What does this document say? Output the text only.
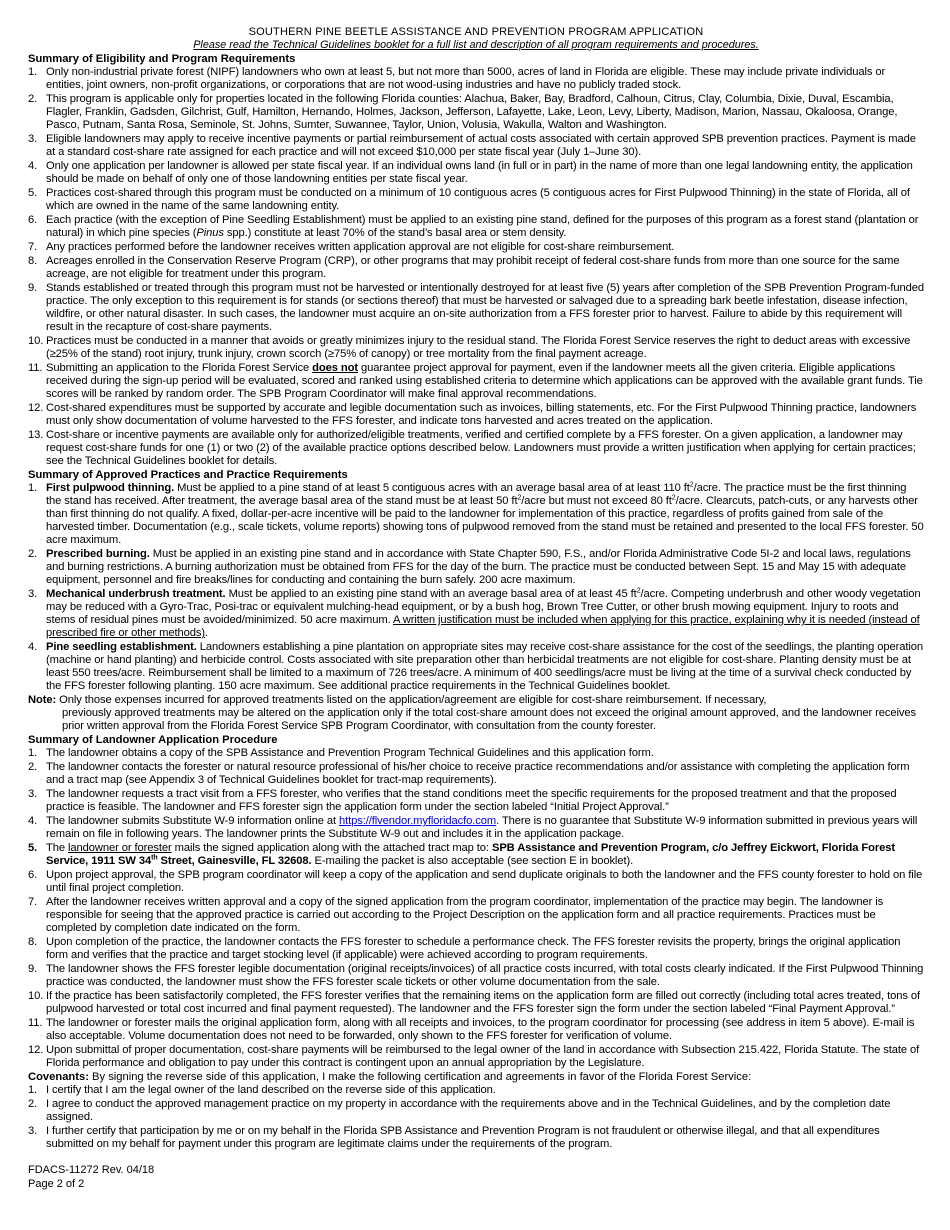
SOUTHERN PINE BEETLE ASSISTANCE AND PREVENTION PROGRAM APPLICATION
Please read the Technical Guidelines booklet for a full list and description of all program requirements and procedures.
Summary of Eligibility and Program Requirements
1. Only non-industrial private forest (NIPF) landowners who own at least 5, but not more than 5000, acres of land in Florida are eligible. These may include private individuals or entities, joint owners, non-profit organizations, or corporations that are not wood-using industries and have no publicly traded stock.
2. This program is applicable only for properties located in the following Florida counties: Alachua, Baker, Bay, Bradford, Calhoun, Citrus, Clay, Columbia, Dixie, Duval, Escambia, Flagler, Franklin, Gadsden, Gilchrist, Gulf, Hamilton, Hernando, Holmes, Jackson, Jefferson, Lafayette, Lake, Leon, Levy, Liberty, Madison, Marion, Nassau, Okaloosa, Orange, Pasco, Putnam, Santa Rosa, Seminole, St. Johns, Sumter, Suwannee, Taylor, Union, Volusia, Wakulla, Walton and Washington.
3. Eligible landowners may apply to receive incentive payments or partial reimbursement of actual costs associated with certain approved SPB prevention practices. Payment is made at a standard cost-share rate assigned for each practice and will not exceed $10,000 per state fiscal year (July 1–June 30).
4. Only one application per landowner is allowed per state fiscal year. If an individual owns land (in full or in part) in the name of more than one legal landowning entity, the application should be made on behalf of only one of those landowning entities per state fiscal year.
5. Practices cost-shared through this program must be conducted on a minimum of 10 contiguous acres (5 contiguous acres for First Pulpwood Thinning) in the state of Florida, all of which are owned in the name of the same landowning entity.
6. Each practice (with the exception of Pine Seedling Establishment) must be applied to an existing pine stand, defined for the purposes of this program as a forest stand (plantation or natural) in which pine species (Pinus spp.) constitute at least 70% of the stand’s basal area or stem density.
7. Any practices performed before the landowner receives written application approval are not eligible for cost-share reimbursement.
8. Acreages enrolled in the Conservation Reserve Program (CRP), or other programs that may prohibit receipt of federal cost-share funds from more than one source for the same acreage, are not eligible for treatment under this program.
9. Stands established or treated through this program must not be harvested or intentionally destroyed for at least five (5) years after completion of the SPB Prevention Program-funded practice. The only exception to this requirement is for stands (or sections thereof) that must be harvested or salvaged due to a spreading bark beetle infestation, disease infection, wildfire, or other natural disaster. In such cases, the landowner must acquire an on-site authorization from a FFS forester prior to harvest. Failure to abide by this requirement will result in the recapture of cost-share payments.
10. Practices must be conducted in a manner that avoids or greatly minimizes injury to the residual stand. The Florida Forest Service reserves the right to deduct areas with excessive (≥25% of the stand) root injury, trunk injury, crown scorch (≥75% of canopy) or tree mortality from the final payment acreage.
11. Submitting an application to the Florida Forest Service does not guarantee project approval for payment, even if the landowner meets all the given criteria. Eligible applications received during the sign-up period will be evaluated, scored and ranked using established criteria to determine which applications can be approved with the available grant funds. Tie scores will be ranked by random order. The SPB Program Coordinator will make final approval recommendations.
12. Cost-shared expenditures must be supported by accurate and legible documentation such as invoices, billing statements, etc. For the First Pulpwood Thinning practice, landowners must only show documentation of volume harvested to the FFS forester, and indicate tons harvested and acres treated on the application.
13. Cost-share or incentive payments are available only for authorized/eligible treatments, verified and certified complete by a FFS forester. On a given application, a landowner may request cost-share funds for one (1) or two (2) of the available practice options described below. Landowners must provide a written justification when applying for certain practices; see the Technical Guidelines booklet for details.
Summary of Approved Practices and Practice Requirements
1. First pulpwood thinning. Must be applied to a pine stand of at least 5 contiguous acres with an average basal area of at least 110 $ft^2$/acre. The practice must be the first thinning the stand has received. After treatment, the average basal area of the stand must be at least 50 $ft^2$/acre but must not exceed 80 $ft^2$/acre. Clearcuts, patch-cuts, or any harvests other than first thinning do not qualify. A fixed, dollar-per-acre incentive will be paid to the landowner for implementation of this practice, regardless of profits gained from sale of the harvested timber. Documentation (e.g., scale tickets, volume reports) showing tons of pulpwood removed from the stand must be retained and presented to the local FFS forester. 50 acre maximum.
2. Prescribed burning. Must be applied in an existing pine stand and in accordance with State Chapter 590, F.S., and/or Florida Administrative Code 5I-2 and local laws, regulations and burning restrictions. A burning authorization must be obtained from FFS for the day of the burn. The practice must be conducted between Sept. 15 and May 15 with adequate equipment, personnel and fire breaks/lines for conducting and containing the burn safely. 200 acre maximum.
3. Mechanical underbrush treatment. Must be applied to an existing pine stand with an average basal area of at least 45 $ft^2$/acre. Competing underbrush and other woody vegetation may be reduced with a Gyro-Trac, Posi-trac or equivalent mulching-head equipment, or by a bush hog, Brown Tree Cutter, or other brush mowing equipment. Injury to roots and stems of residual pines must be avoided/minimized. 50 acre maximum. A written justification must be included when applying for this practice, explaining why it is needed (instead of prescribed fire or other methods).
4. Pine seedling establishment. Landowners establishing a pine plantation on appropriate sites may receive cost-share assistance for the cost of the seedlings, the planting operation (machine or hand planting) and herbicide control. Costs associated with site preparation other than herbicidal treatments are not eligible for cost-share. Planting density must be at least 550 trees/acre. Reimbursement shall be limited to a maximum of 726 trees/acre. A minimum of 400 seedlings/acre must be living at the time of a survival check conducted by the FFS forester following planting. 150 acre maximum. See additional practice requirements in the Technical Guidelines booklet.
Note: Only those expenses incurred for approved treatments listed on the application/agreement are eligible for cost-share reimbursement. If necessary,
previously approved treatments may be altered on the application only if the total cost-share amount does not exceed the original amount approved, and the landowner receives prior written approval from the Florida Forest Service SPB Program Coordinator, with consultation from the county forester.
Summary of Landowner Application Procedure
1. The landowner obtains a copy of the SPB Assistance and Prevention Program Technical Guidelines and this application form.
2. The landowner contacts the forester or natural resource professional of his/her choice to receive practice recommendations and/or assistance with completing the application form and a tract map (see Appendix 3 of Technical Guidelines booklet for tract-map requirements).
3. The landowner requests a tract visit from a FFS forester, who verifies that the stand conditions meet the specific requirements for the proposed treatment and that the proposed practice is feasible. The landowner and FFS forester sign the application form under the section labeled “Initial Project Approval.”
4. The landowner submits Substitute W-9 information online at https://flvendor.myfloridacfo.com. There is no guarantee that Substitute W-9 information submitted in previous years will remain on file in following years. The landowner prints the Substitute W-9 out and includes it in the application package.
5. The landowner or forester mails the signed application along with the attached tract map to: SPB Assistance and Prevention Program, c/o Jeffrey Eickwort, Florida Forest Service, 1911 SW 34th Street, Gainesville, FL 32608. E-mailing the packet is also acceptable (see section E in booklet).
6. Upon project approval, the SPB program coordinator will keep a copy of the application and send duplicate originals to both the landowner and the FFS county forester to hold on file until final project completion.
7. After the landowner receives written approval and a copy of the signed application from the program coordinator, implementation of the practice may begin. The landowner is responsible for seeing that the approved practice is carried out according to the Project Description on the application form and all practice requirements. Practices must be completed by completion date indicated on the form.
8. Upon completion of the practice, the landowner contacts the FFS forester to schedule a performance check. The FFS forester revisits the property, brings the original application form and verifies that the practice and target stocking level (if applicable) were achieved according to program requirements.
9. The landowner shows the FFS forester legible documentation (original receipts/invoices) of all practice costs incurred, with total costs clearly indicated. If the First Pulpwood Thinning practice was conducted, the landowner must show the FFS forester scale tickets or other volume documentation from the sale.
10. If the practice has been satisfactorily completed, the FFS forester verifies that the remaining items on the application form are filled out correctly (including total acres treated, tons of pulpwood harvested or total cost incurred and final payment requested). The landowner and the FFS forester sign the form under the section labeled “Final Payment Approval.”
11. The landowner or forester mails the original application form, along with all receipts and invoices, to the program coordinator for processing (see address in item 5 above). E-mail is also acceptable. Volume documentation does not need to be forwarded, only shown to the FFS forester for verification of volume.
12. Upon submittal of proper documentation, cost-share payments will be reimbursed to the legal owner of the land in accordance with Subsection 215.422, Florida Statute. The state of Florida performance and obligation to pay under this contract is contingent upon an annual appropriation by the Legislature.
Covenants: By signing the reverse side of this application, I make the following certification and agreements in favor of the Florida Forest Service:
1. I certify that I am the legal owner of the land described on the reverse side of this application.
2. I agree to conduct the approved management practice on my property in accordance with the requirements above and in the Technical Guidelines, and by the completion date assigned.
3. I further certify that participation by me or on my behalf in the Florida SPB Assistance and Prevention Program is not fraudulent or otherwise illegal, and that all expenditures submitted on my behalf for payment under this program are legitimate claims under the requirements of the program.
FDACS-11272 Rev. 04/18
Page 2 of 2
